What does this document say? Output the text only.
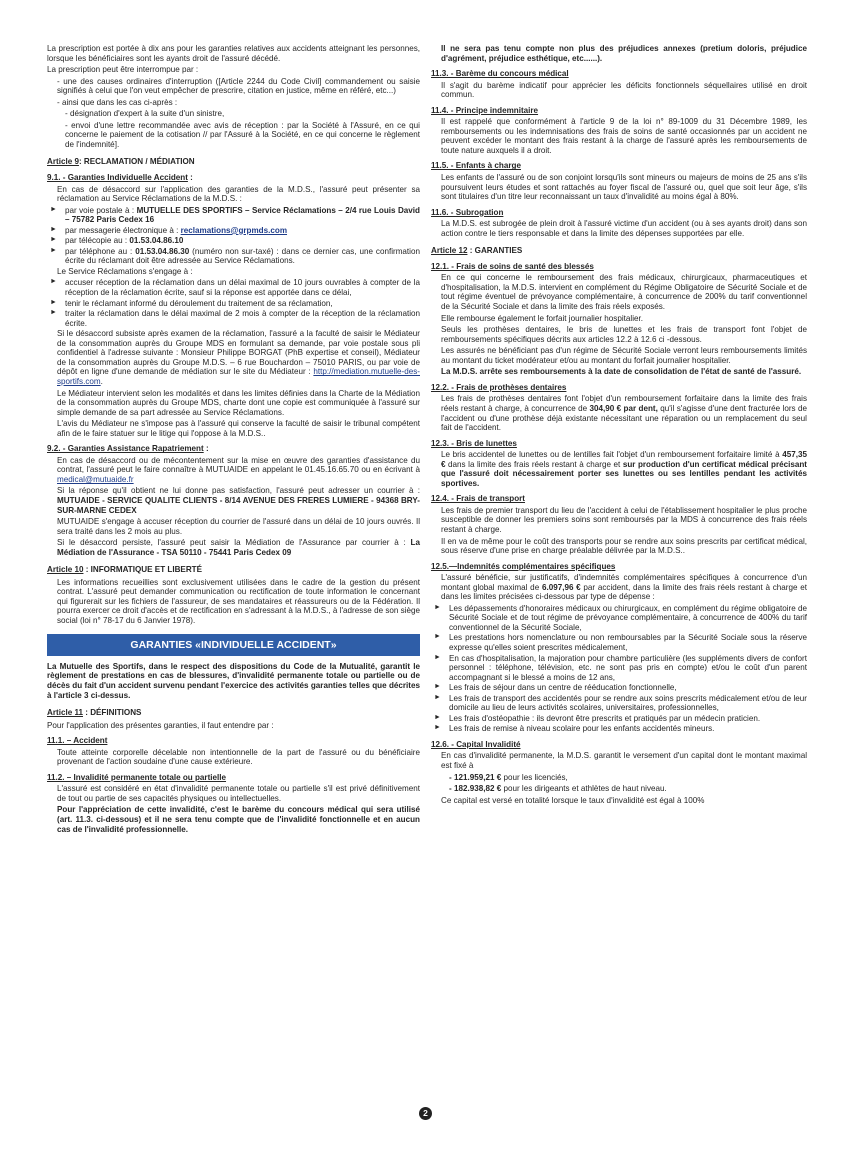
La prescription est portée à dix ans pour les garanties relatives aux accidents atteignant les personnes, lorsque les bénéficiaires sont les ayants droit de l'assuré décédé.

La prescription peut être interrompue par :

- une des causes ordinaires d'interruption ([Article 2244 du Code Civil] commandement ou saisie signifiés à celui que l'on veut empêcher de prescrire, citation en justice, même en référé, etc...)

- ainsi que dans les cas ci-après :

- désignation d'expert à la suite d'un sinistre,

- envoi d'une lettre recommandée avec avis de réception : par la Société à l'Assuré, en ce qui concerne le paiement de la cotisation // par l'Assuré à la Société, en ce qui concerne le règlement de l'indemnité].

Article 9: RECLAMATION / MÉDIATION
9.1. - Garanties Individuelle Accident :

En cas de désaccord sur l'application des garanties de la M.D.S., l'assuré peut présenter sa réclamation au Service Réclamations de la M.D.S. :

► par voie postale à : MUTUELLE DES SPORTIFS – Service Réclamations – 2/4 rue Louis David – 75782 Paris Cedex 16
► par messagerie électronique à : reclamations@grpmds.com
► par télécopie au : 01.53.04.86.10
► par téléphone au : 01.53.04.86.30 (numéro non sur-taxé) : dans ce dernier cas, une confirmation écrite du réclamant doit être adressée au Service Réclamations.

Le Service Réclamations s'engage à :

► accuser réception de la réclamation dans un délai maximal de 10 jours ouvrables à compter de la réception de la réclamation écrite, sauf si la réponse est apportée dans ce délai,
► tenir le réclamant informé du déroulement du traitement de sa réclamation,
► traiter la réclamation dans le délai maximal de 2 mois à compter de la réception de la réclamation écrite.

Si le désaccord subsiste après examen de la réclamation, l'assuré a la faculté de saisir le Médiateur de la consommation auprès du Groupe MDS en formulant sa demande, par voie postale sous pli confidentiel à l'adresse suivante : Monsieur Philippe BORGAT (PhB expertise et conseil), Médiateur de la consommation auprès du Groupe M.D.S. – 6 rue Bouchardon – 75010 PARIS, ou par voie de dépôt en ligne d'une demande de médiation sur le site du Médiateur : http://mediation.mutuelle-des-sportifs.com.

Le Médiateur intervient selon les modalités et dans les limites définies dans la Charte de la Médiation de la consommation auprès du Groupe MDS, charte dont une copie est communiquée à l'assuré sur simple demande de sa part adressée au Service Réclamations.

L'avis du Médiateur ne s'impose pas à l'assuré qui conserve la faculté de saisir le tribunal compétent afin de le faire statuer sur le litige qui l'oppose à la M.D.S..

9.2. - Garanties Assistance Rapatriement :

En cas de désaccord ou de mécontentement sur la mise en œuvre des garanties d'assistance du contrat, l'assuré peut le faire connaître à MUTUAIDE en appelant le 01.45.16.65.70 ou en écrivant à medical@mutuaide.fr

Si la réponse qu'il obtient ne lui donne pas satisfaction, l'assuré peut adresser un courrier à : MUTUAIDE - SERVICE QUALITE CLIENTS - 8/14 AVENUE DES FRERES LUMIERE - 94368 BRY-SUR-MARNE CEDEX

MUTUAIDE s'engage à accuser réception du courrier de l'assuré dans un délai de 10 jours ouvrés. Il sera traité dans les 2 mois au plus.

Si le désaccord persiste, l'assuré peut saisir la Médiation de l'Assurance par courrier à : La Médiation de l'Assurance - TSA 50110 - 75441 Paris Cedex 09

Article 10 : INFORMATIQUE ET LIBERTÉ

Les informations recueillies sont exclusivement utilisées dans le cadre de la gestion du présent contrat. L'assuré peut demander communication ou rectification de toute information le concernant qui figurerait sur les fichiers de l'assureur, de ses mandataires et réassureurs ou de la Fédération. Il pourra exercer ce droit d'accès et de rectification en s'adressant à la M.D.S., à l'adresse de son siège social (loi n° 78-17 du 6 Janvier 1978).

GARANTIES «INDIVIDUELLE ACCIDENT»

La Mutuelle des Sportifs, dans le respect des dispositions du Code de la Mutualité, garantit le règlement de prestations en cas de blessures, d'invalidité permanente totale ou partielle ou de décès du fait d'un accident survenu pendant l'exercice des activités garanties telles que décrites à l'article 3 ci-dessus.

Article 11 : DÉFINITIONS

Pour l'application des présentes garanties, il faut entendre par :

11.1. – Accident

Toute atteinte corporelle décelable non intentionnelle de la part de l'assuré ou du bénéficiaire provenant de l'action soudaine d'une cause extérieure.

11.2. – Invalidité permanente totale ou partielle

L'assuré est considéré en état d'invalidité permanente totale ou partielle s'il est privé définitivement de tout ou partie de ses capacités physiques ou intellectuelles.

Pour l'appréciation de cette invalidité, c'est le barème du concours médical qui sera utilisé (art. 11.3. ci-dessous) et il ne sera tenu compte que de l'invalidité fonctionnelle et en aucun cas de l'invalidité professionnelle.

Il ne sera pas tenu compte non plus des préjudices annexes (pretium doloris, préjudice d'agrément, préjudice esthétique, etc......).

11.3. - Barème du concours médical

Il s'agit du barème indicatif pour apprécier les déficits fonctionnels séquellaires utilisé en droit commun.

11.4. - Principe indemnitaire

Il est rappelé que conformément à l'article 9 de la loi n° 89-1009 du 31 Décembre 1989, les remboursements ou les indemnisations des frais de soins de santé occasionnés par un accident ne peuvent excéder le montant des frais restant à la charge de l'assuré après les remboursements de toute nature auxquels il a droit.

11.5. - Enfants à charge

Les enfants de l'assuré ou de son conjoint lorsqu'ils sont mineurs ou majeurs de moins de 25 ans s'ils poursuivent leurs études et sont rattachés au foyer fiscal de l'assuré ou, quel que soit leur âge, s'ils sont titulaires d'un titre leur reconnaissant un taux d'invalidité au moins égal à 80%.

11.6. - Subrogation

La M.D.S. est subrogée de plein droit à l'assuré victime d'un accident (ou à ses ayants droit) dans son action contre le tiers responsable et dans la limite des dépenses supportées par elle.

Article 12 : GARANTIES
12.1. - Frais de soins de santé des blessés

En ce qui concerne le remboursement des frais médicaux, chirurgicaux, pharmaceutiques et d'hospitalisation, la M.D.S. intervient en complément du Régime Obligatoire de Sécurité Sociale et de tout régime éventuel de prévoyance complémentaire, à concurrence de 200% du tarif conventionnel de la Sécurité Sociale et dans la limite des frais réels exposés.

Elle rembourse également le forfait journalier hospitalier.

Seuls les prothèses dentaires, le bris de lunettes et les frais de transport font l'objet de remboursements spécifiques décrits aux articles 12.2 à 12.6 ci -dessous.

Les assurés ne bénéficiant pas d'un régime de Sécurité Sociale verront leurs remboursements limités au montant du ticket modérateur et/ou au montant du forfait journalier hospitalier.

La M.D.S. arrête ses remboursements à la date de consolidation de l'état de santé de l'assuré.

12.2. - Frais de prothèses dentaires

Les frais de prothèses dentaires font l'objet d'un remboursement forfaitaire dans la limite des frais réels restant à charge, à concurrence de 304,90 € par dent, qu'il s'agisse d'une dent fracturée lors de l'accident ou d'une prothèse déjà existante nécessitant une réparation ou un remplacement du seul fait de l'accident.

12.3. - Bris de lunettes

Le bris accidentel de lunettes ou de lentilles fait l'objet d'un remboursement forfaitaire limité à 457,35 € dans la limite des frais réels restant à charge et sur production d'un certificat médical précisant que l'assuré doit nécessairement porter ses lunettes ou ses lentilles pendant les activités sportives.

12.4. - Frais de transport

Les frais de premier transport du lieu de l'accident à celui de l'établissement hospitalier le plus proche susceptible de donner les premiers soins sont remboursés par la MDS à concurrence des frais réels restant à charge.

Il en va de même pour le coût des transports pour se rendre aux soins prescrits par certificat médical, sous réserve d'une prise en charge préalable délivrée par la M.D.S..

12.5.—Indemnités complémentaires spécifiques

L'assuré bénéficie, sur justificatifs, d'indemnités complémentaires spécifiques à concurrence d'un montant global maximal de 6.097,96 € par accident, dans la limite des frais réels restant à charge et dans les limites précisées ci-dessous par type de dépense :

► Les dépassements d'honoraires médicaux ou chirurgicaux, en complément du régime obligatoire de Sécurité Sociale et de tout régime de prévoyance complémentaire, à concurrence de 400% du tarif conventionnel de la Sécurité Sociale,
► Les prestations hors nomenclature ou non remboursables par la Sécurité Sociale sous la réserve expresse qu'elles soient prescrites médicalement,
► En cas d'hospitalisation, la majoration pour chambre particulière (les suppléments divers de confort personnel : téléphone, télévision, etc. ne sont pas pris en compte) et/ou le coût d'un parent accompagnant si le blessé a moins de 12 ans,
► Les frais de séjour dans un centre de rééducation fonctionnelle,
► Les frais de transport des accidentés pour se rendre aux soins prescrits médicalement et/ou de leur domicile au lieu de leurs activités scolaires, universitaires, professionnelles,
► Les frais d'ostéopathie : ils devront être prescrits et pratiqués par un médecin praticien.
► Les frais de remise à niveau scolaire pour les enfants accidentés mineurs.
12.6. - Capital Invalidité

En cas d'invalidité permanente, la M.D.S. garantit le versement d'un capital dont le montant maximal est fixé à

- 121.959,21 € pour les licenciés,

- 182.938,82 € pour les dirigeants et athlètes de haut niveau.

Ce capital est versé en totalité lorsque le taux d'invalidité est égal à 100%

2
